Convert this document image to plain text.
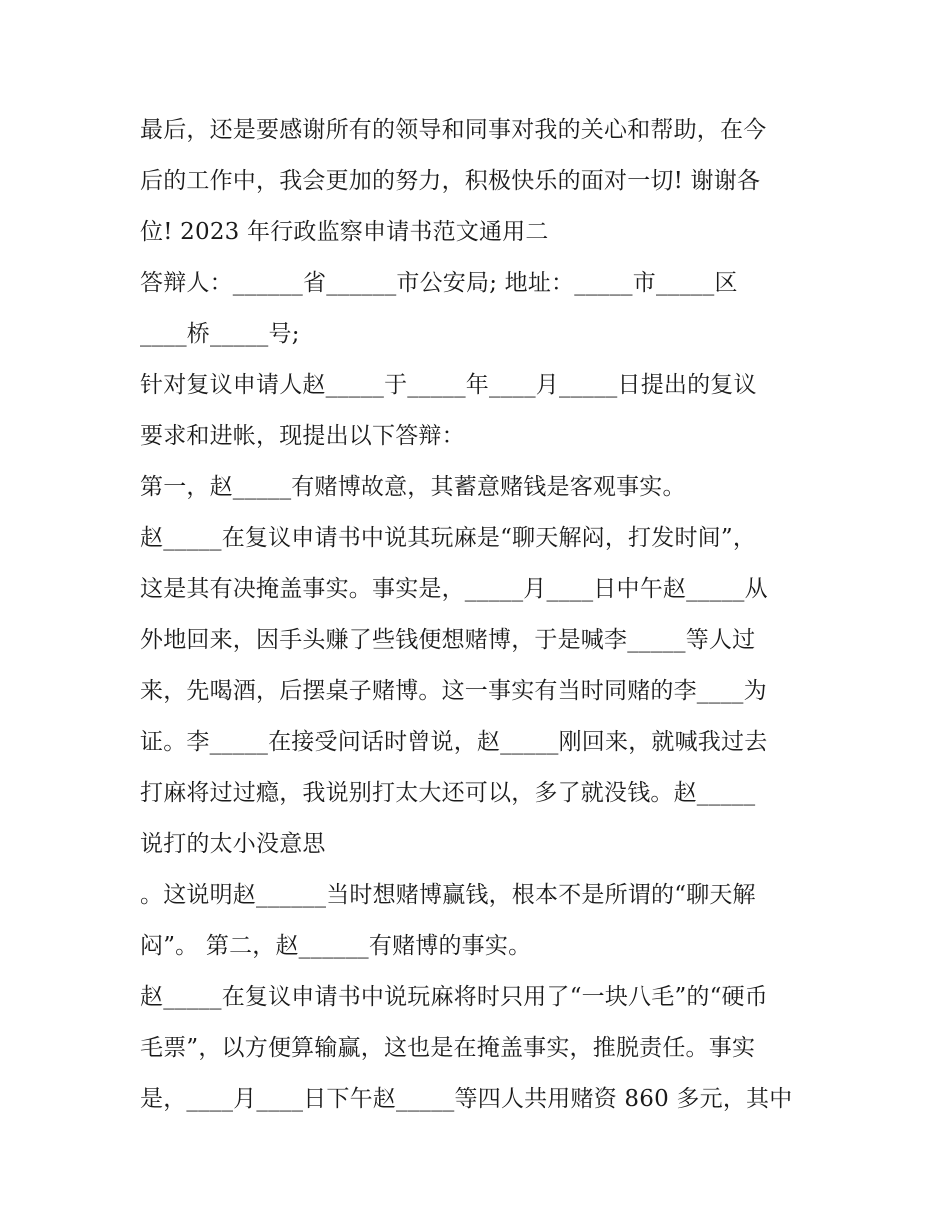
最后，还是要感谢所有的领导和同事对我的关心和帮助，在今

后的工作中，我会更加的努力，积极快乐的面对一切! 谢谢各

位! 2023 年行政监察申请书范文通用二

答辩人：______省______市公安局; 地址：_____市_____区

____桥_____号;

针对复议申请人赵_____于_____年____月_____日提出的复议

要求和进帐，现提出以下答辩：

第一，赵_____有赌博故意，其蓄意赌钱是客观事实。

赵_____在复议申请书中说其玩麻是“聊天解闷，打发时间”，

这是其有决掩盖事实。事实是，_____月____日中午赵_____从

外地回来，因手头赚了些钱便想赌博，于是喊李_____等人过

来，先喝酒，后摆桌子赌博。这一事实有当时同赌的李____为

证。李_____在接受问话时曾说，赵_____刚回来，就喊我过去

打麻将过过瘾，我说别打太大还可以，多了就没钱。赵_____

说打的太小没意思

。这说明赵______当时想赌博赢钱，根本不是所谓的“聊天解

闷”。 第二，赵______有赌博的事实。

赵_____在复议申请书中说玩麻将时只用了“一块八毛”的“硬币

毛票”，以方便算输赢，这也是在掩盖事实，推脱责任。事实

是，____月____日下午赵_____等四人共用赌资 860 多元，其中
